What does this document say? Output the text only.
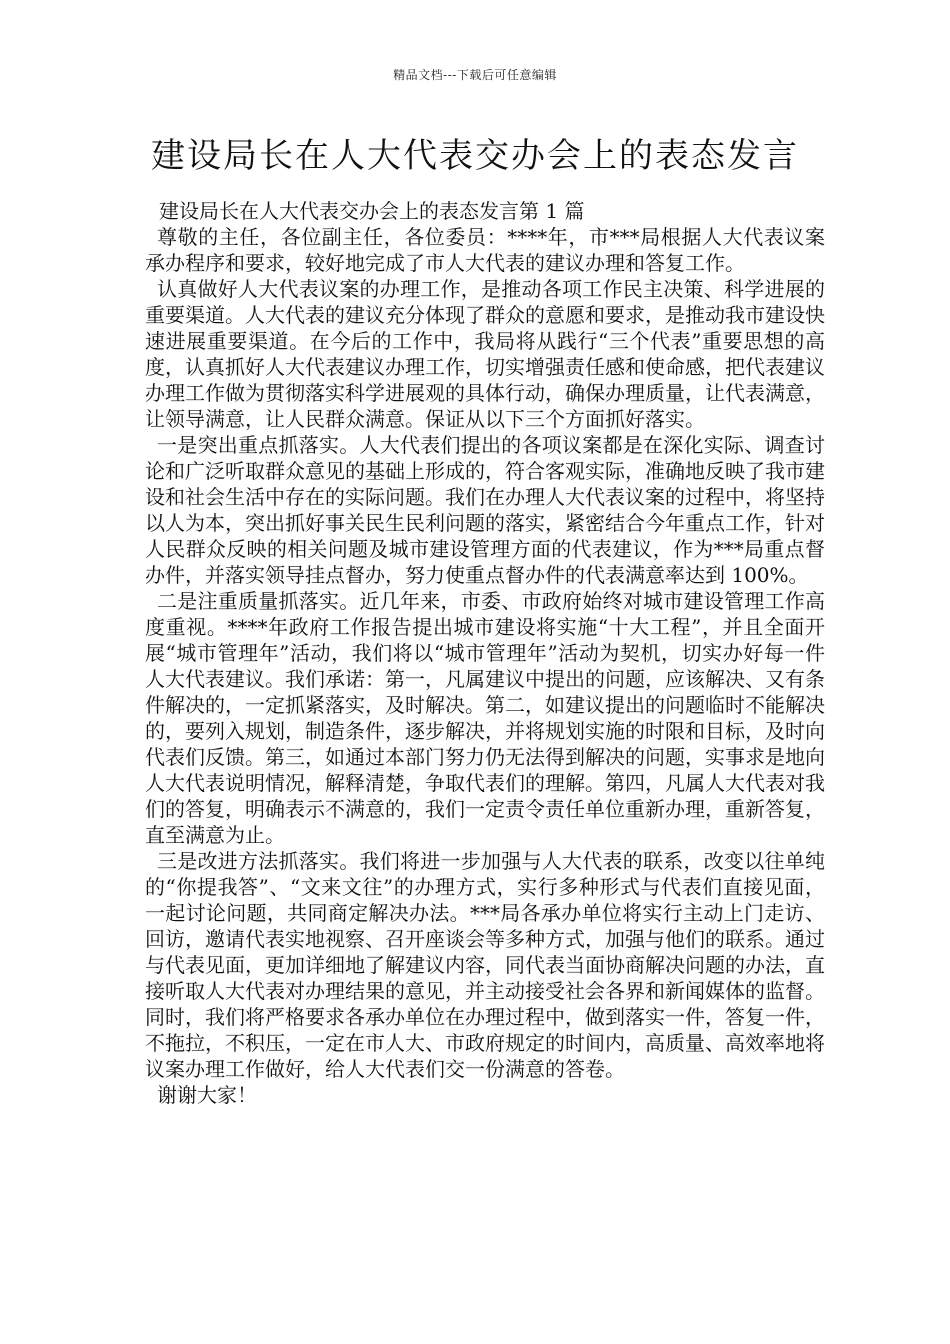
精品文档---下载后可任意编辑
建设局长在人大代表交办会上的表态发言

建设局长在人大代表交办会上的表态发言第 1 篇

尊敬的主任，各位副主任，各位委员：****年，市***局根据人大代表议案承办程序和要求，较好地完成了市人大代表的建议办理和答复工作。

认真做好人大代表议案的办理工作，是推动各项工作民主决策、科学进展的重要渠道。人大代表的建议充分体现了群众的意愿和要求，是推动我市建设快速进展重要渠道。在今后的工作中，我局将从践行“三个代表”重要思想的高度，认真抓好人大代表建议办理工作，切实增强责任感和使命感，把代表建议办理工作做为贯彻落实科学进展观的具体行动，确保办理质量，让代表满意，让领导满意，让人民群众满意。保证从以下三个方面抓好落实。

一是突出重点抓落实。人大代表们提出的各项议案都是在深化实际、调查讨论和广泛听取群众意见的基础上形成的，符合客观实际，准确地反映了我市建设和社会生活中存在的实际问题。我们在办理人大代表议案的过程中，将坚持以人为本，突出抓好事关民生民利问题的落实，紧密结合今年重点工作，针对人民群众反映的相关问题及城市建设管理方面的代表建议，作为***局重点督办件，并落实领导挂点督办，努力使重点督办件的代表满意率达到 100%。

二是注重质量抓落实。近几年来，市委、市政府始终对城市建设管理工作高度重视。****年政府工作报告提出城市建设将实施“十大工程”，并且全面开展“城市管理年”活动，我们将以“城市管理年”活动为契机，切实办好每一件人大代表建议。我们承诺：第一，凡属建议中提出的问题，应该解决、又有条件解决的，一定抓紧落实，及时解决。第二，如建议提出的问题临时不能解决的，要列入规划，制造条件，逐步解决，并将规划实施的时限和目标，及时向代表们反馈。第三，如通过本部门努力仍无法得到解决的问题，实事求是地向人大代表说明情况，解释清楚，争取代表们的理解。第四，凡属人大代表对我们的答复，明确表示不满意的，我们一定责令责任单位重新办理，重新答复，直至满意为止。

三是改进方法抓落实。我们将进一步加强与人大代表的联系，改变以往单纯的“你提我答”、“文来文往”的办理方式，实行多种形式与代表们直接见面，一起讨论问题，共同商定解决办法。***局各承办单位将实行主动上门走访、回访，邀请代表实地视察、召开座谈会等多种方式，加强与他们的联系。通过与代表见面，更加详细地了解建议内容，同代表当面协商解决问题的办法，直接听取人大代表对办理结果的意见，并主动接受社会各界和新闻媒体的监督。同时，我们将严格要求各承办单位在办理过程中，做到落实一件，答复一件，不拖拉，不积压，一定在市人大、市政府规定的时间内，高质量、高效率地将议案办理工作做好，给人大代表们交一份满意的答卷。

谢谢大家！
